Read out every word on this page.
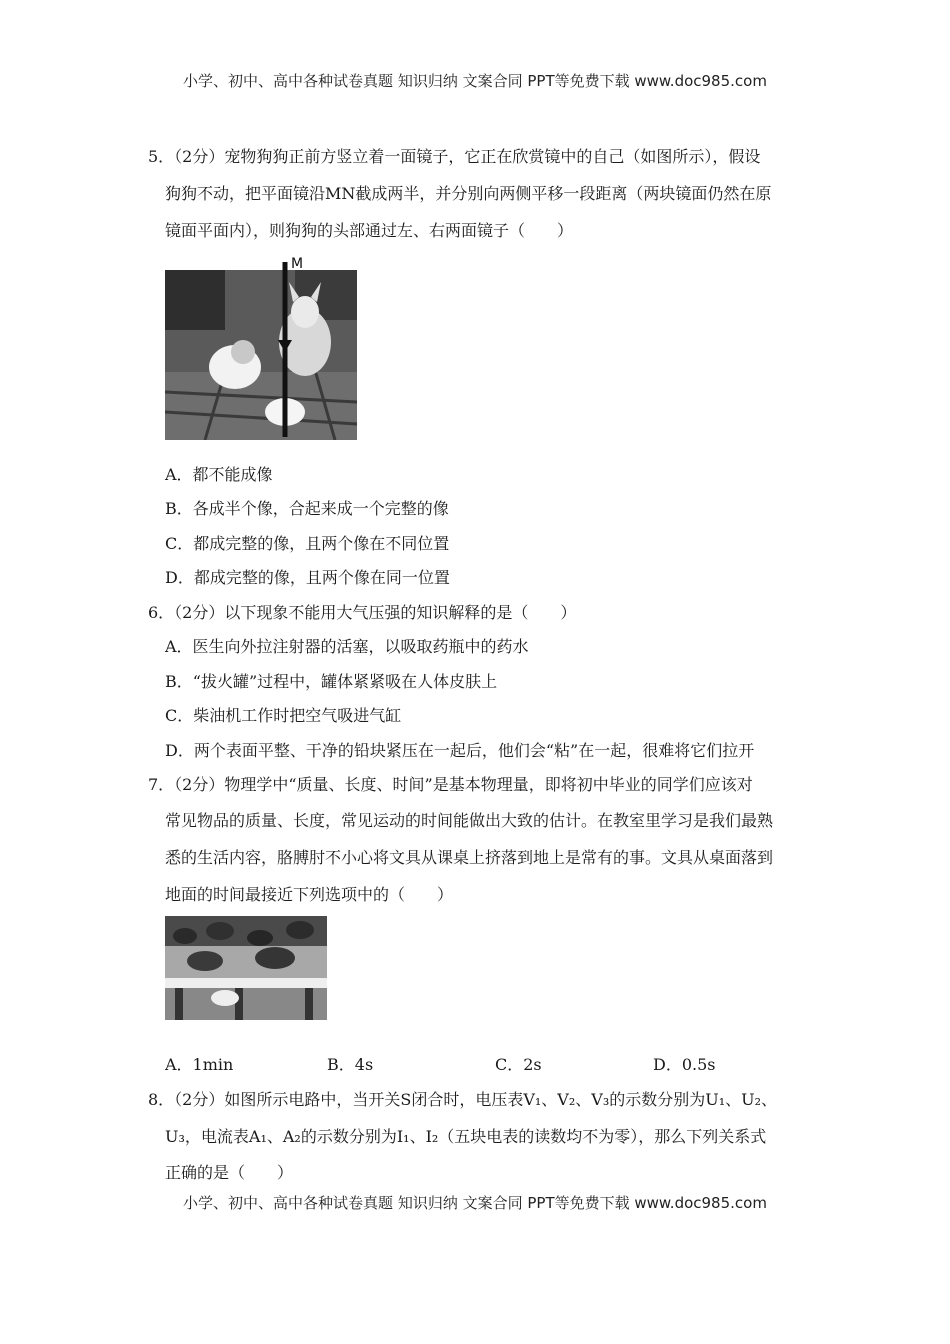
小学、初中、高中各种试卷真题 知识归纳 文案合同 PPT等免费下载 www.doc985.com
5．（2分）宠物狗狗正前方竖立着一面镜子，它正在欣赏镜中的自己（如图所示），假设
狗狗不动，把平面镜沿MN截成两半，并分别向两侧平移一段距离（两块镜面仍然在原
镜面平面内），则狗狗的头部通过左、右两面镜子（　　）
M
A．都不能成像
B．各成半个像，合起来成一个完整的像
C．都成完整的像，且两个像在不同位置
D．都成完整的像，且两个像在同一位置
6．（2分）以下现象不能用大气压强的知识解释的是（　　）
A．医生向外拉注射器的活塞，以吸取药瓶中的药水
B．“拔火罐”过程中，罐体紧紧吸在人体皮肤上
C．柴油机工作时把空气吸进气缸
D．两个表面平整、干净的铅块紧压在一起后，他们会“粘”在一起，很难将它们拉开
7．（2分）物理学中“质量、长度、时间”是基本物理量，即将初中毕业的同学们应该对
常见物品的质量、长度，常见运动的时间能做出大致的估计。在教室里学习是我们最熟
悉的生活内容，胳膊肘不小心将文具从课桌上挤落到地上是常有的事。文具从桌面落到
地面的时间最接近下列选项中的（　　）
A．1min	B．4s	C．2s	D．0.5s
8．（2分）如图所示电路中，当开关S闭合时，电压表V₁、V₂、V₃的示数分别为U₁、U₂、
U₃，电流表A₁、A₂的示数分别为I₁、I₂（五块电表的读数均不为零），那么下列关系式
正确的是（　　）
小学、初中、高中各种试卷真题 知识归纳 文案合同 PPT等免费下载 www.doc985.com
